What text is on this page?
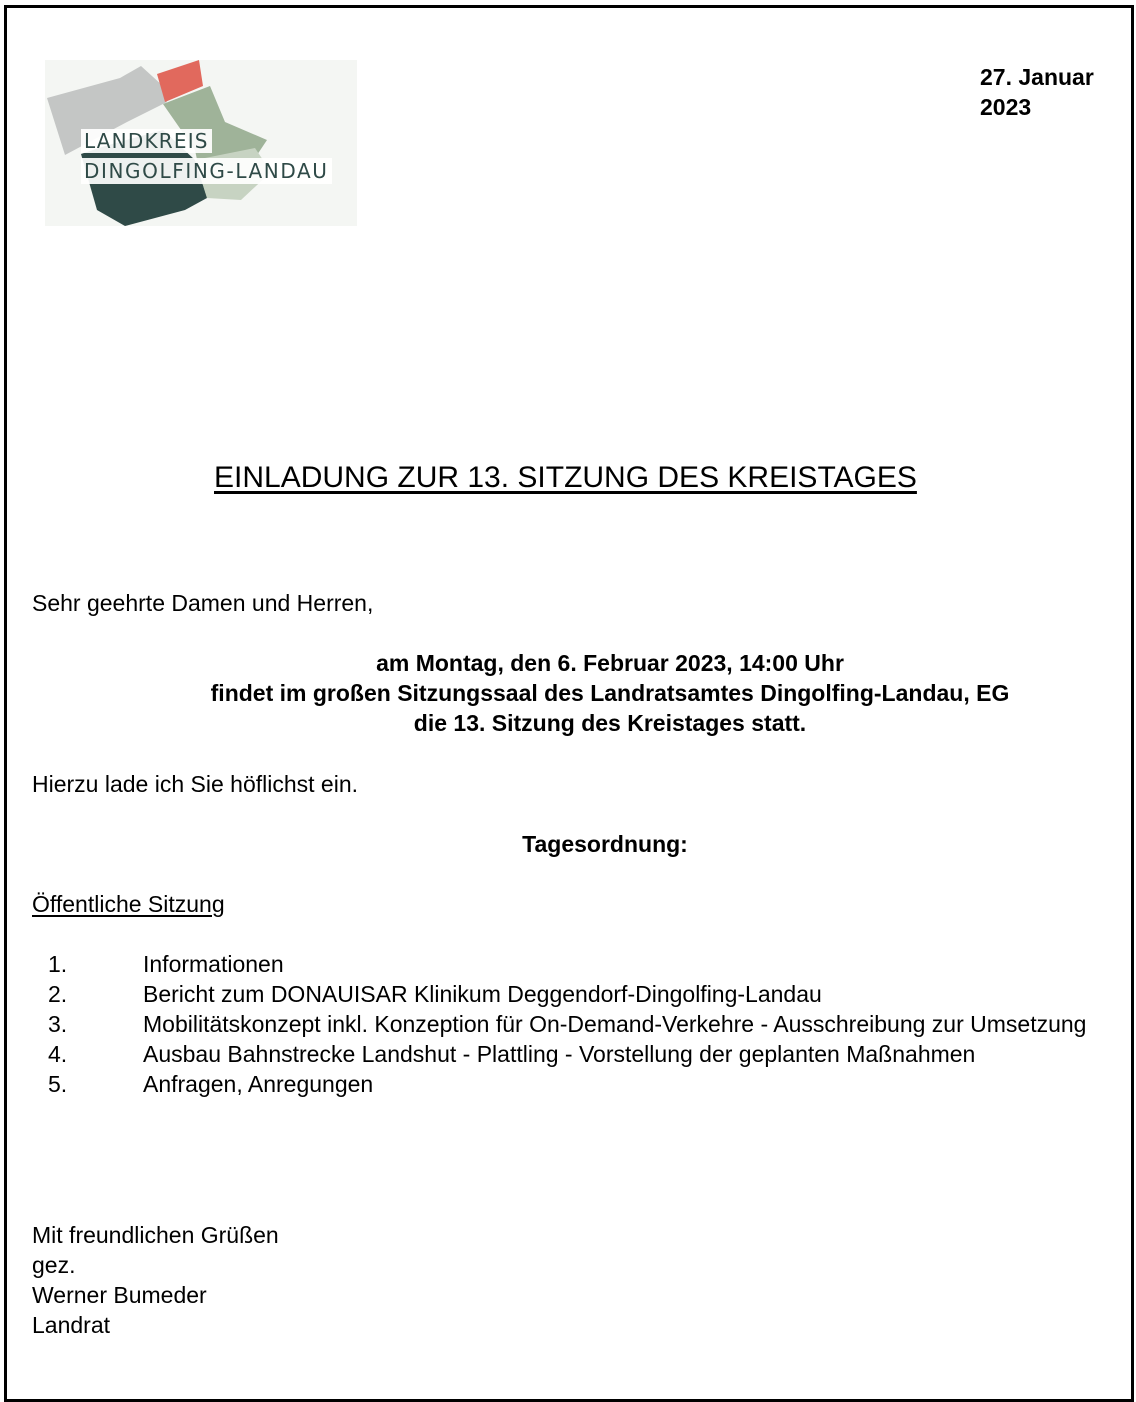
LANDKREIS
DINGOLFING-LANDAU
27. Januar
2023
EINLADUNG ZUR 13. SITZUNG DES KREISTAGES
Sehr geehrte Damen und Herren,
am Montag, den 6. Februar 2023, 14:00 Uhr
findet im großen Sitzungssaal des Landratsamtes Dingolfing-Landau, EG
die 13. Sitzung des Kreistages statt.
Hierzu lade ich Sie höflichst ein.
Tagesordnung:
Öffentliche Sitzung
1.	Informationen
2.	Bericht zum DONAUISAR Klinikum Deggendorf-Dingolfing-Landau
3.	Mobilitätskonzept inkl. Konzeption für On-Demand-Verkehre - Ausschreibung zur Umsetzung
4.	Ausbau Bahnstrecke Landshut - Plattling - Vorstellung der geplanten Maßnahmen
5.	Anfragen, Anregungen
Mit freundlichen Grüßen
gez.
Werner Bumeder
Landrat
